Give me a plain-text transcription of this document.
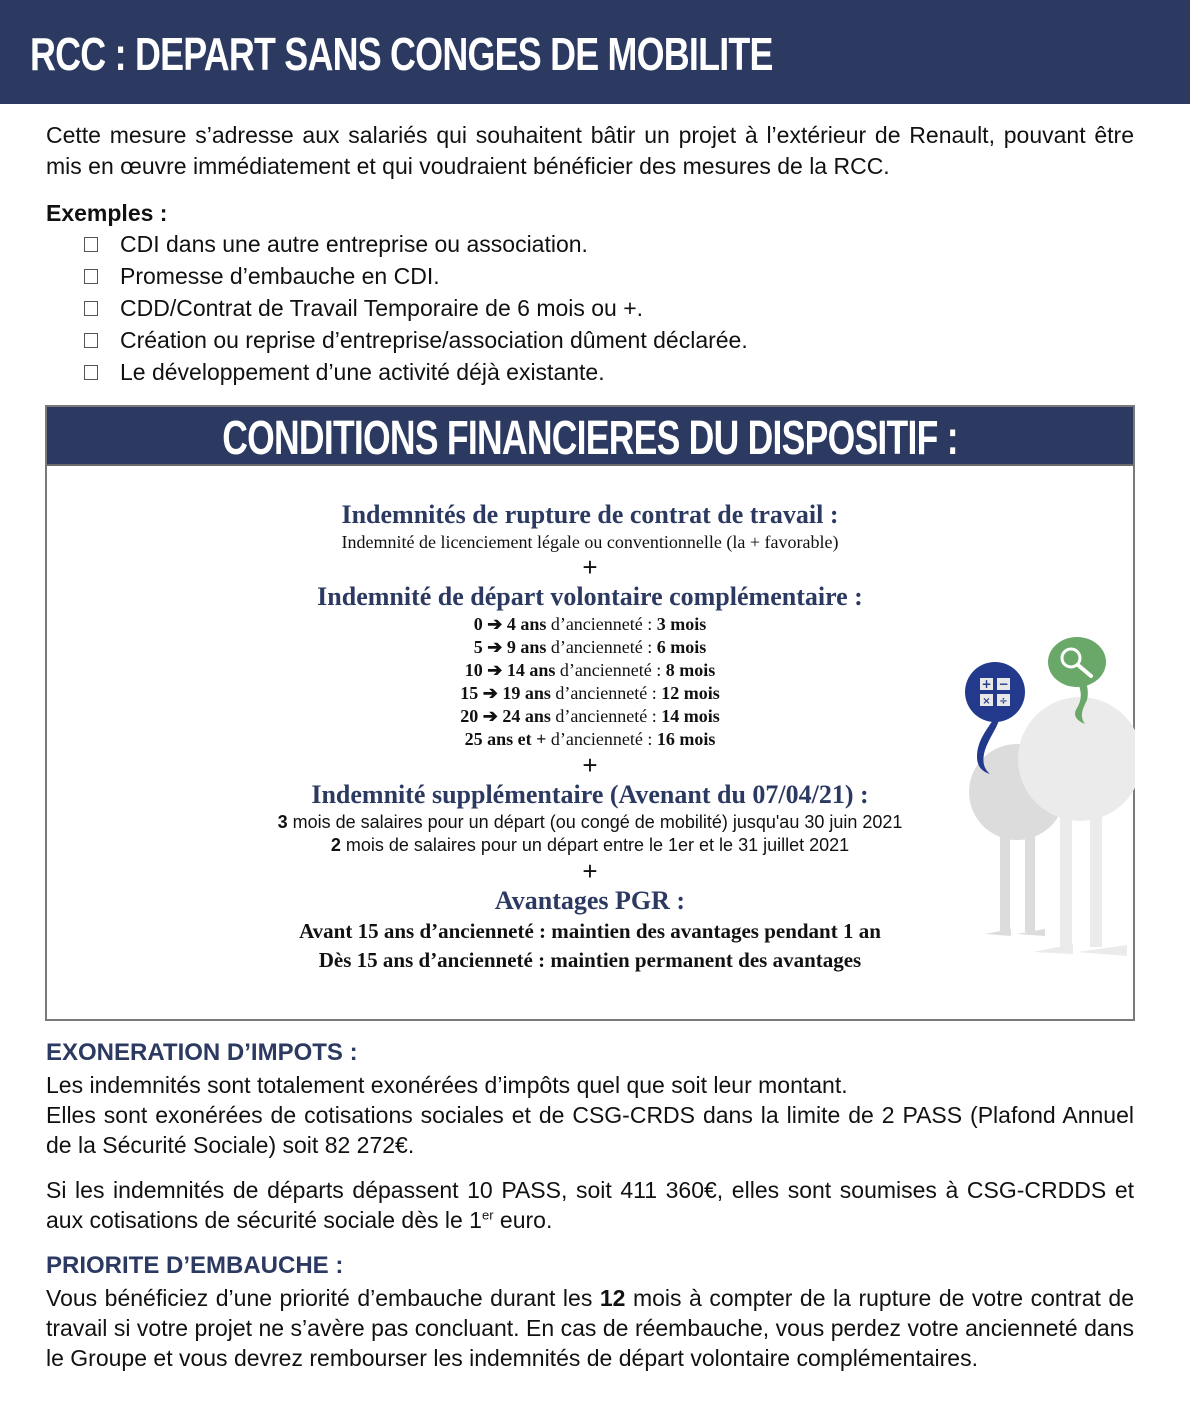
RCC : DEPART SANS CONGES DE MOBILITE

Cette mesure s’adresse aux salariés qui souhaitent bâtir un projet à l’extérieur de Renault, pouvant être mis en œuvre immédiatement et qui voudraient bénéficier des mesures de la RCC.

Exemples :
CDI dans une autre entreprise ou association.
Promesse d’embauche en CDI.
CDD/Contrat de Travail Temporaire de 6 mois ou +.
Création ou reprise d’entreprise/association dûment déclarée.
Le développement d’une activité déjà existante.
CONDITIONS FINANCIERES DU DISPOSITIF :
Indemnités de rupture de contrat de travail :
Indemnité de licenciement légale ou conventionnelle (la + favorable)
+
Indemnité de départ volontaire complémentaire :
0 ➔ 4 ans d’ancienneté : 3 mois
5 ➔ 9 ans d’ancienneté : 6 mois
10 ➔ 14 ans d’ancienneté : 8 mois
15 ➔ 19 ans d’ancienneté : 12 mois
20 ➔ 24 ans d’ancienneté : 14 mois
25 ans et + d’ancienneté : 16 mois
+
Indemnité supplémentaire (Avenant du 07/04/21) :
3 mois de salaires pour un départ (ou congé de mobilité) jusqu'au 30 juin 2021
2 mois de salaires pour un départ entre le 1er et le 31 juillet 2021
+
Avantages PGR :
Avant 15 ans d’ancienneté : maintien des avantages pendant 1 an
Dès 15 ans d’ancienneté : maintien permanent des avantages
+ −
× ÷
EXONERATION D’IMPOTS :

Les indemnités sont totalement exonérées d’impôts quel que soit leur montant.

Elles sont exonérées de cotisations sociales et de CSG-CRDS dans la limite de 2 PASS (Plafond Annuel de la Sécurité Sociale) soit 82 272€.

Si les indemnités de départs dépassent 10 PASS, soit 411 360€, elles sont soumises à CSG-CRDDS et aux cotisations de sécurité sociale dès le 1er euro.

PRIORITE D’EMBAUCHE :

Vous bénéficiez d’une priorité d’embauche durant les 12 mois à compter de la rupture de votre contrat de travail si votre projet ne s’avère pas concluant. En cas de réembauche, vous perdez votre ancienneté dans le Groupe et vous devrez rembourser les indemnités de départ volontaire complémentaires.
